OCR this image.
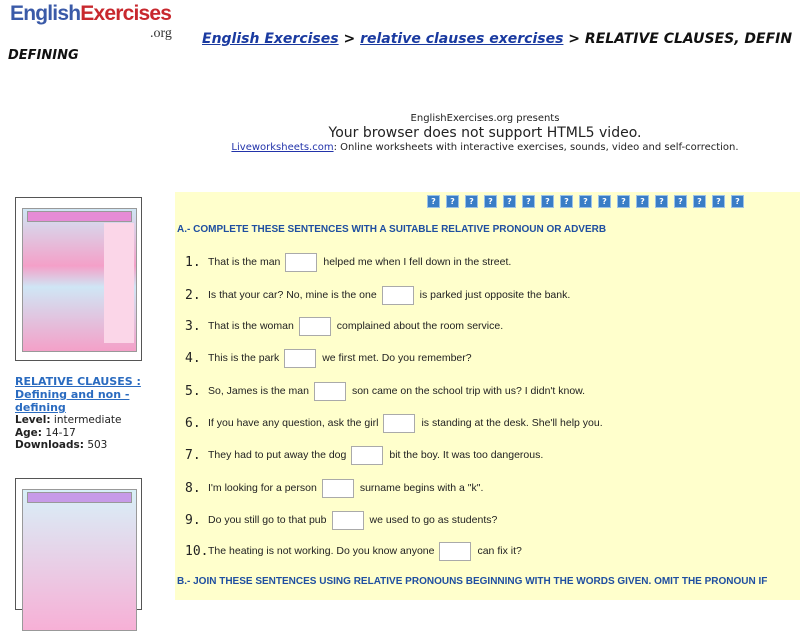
EnglishExercises
.org English Exercises > relative clauses exercises > RELATIVE CLAUSES, DEFIN
DEFINING
EnglishExercises.org presents
Your browser does not support HTML5 video.
Liveworksheets.com: Online worksheets with interactive exercises, sounds, video and self-correction.
RELATIVE CLAUSES : Defining and non - defining
Level: intermediate
Age: 14-17
Downloads: 503
?	?	?	?	?	?	?	?	?	?	?	?	?	?	?	?	?
A.- COMPLETE THESE SENTENCES WITH A SUITABLE RELATIVE PRONOUN OR ADVERB
1. That is the man	helped me when I fell down in the street.
2. Is that your car? No, mine is the one	is parked just opposite the bank.
3. That is the woman	complained about the room service.
4. This is the park	we first met. Do you remember?
5. So, James is the man	son came on the school trip with us? I didn't know.
6. If you have any question, ask the girl	is standing at the desk. She'll help you.
7. They had to put away the dog	bit the boy. It was too dangerous.
8. I'm looking for a person	surname begins with a "k".
9. Do you still go to that pub	we used to go as students?
10. The heating is not working. Do you know anyone	can fix it?
B.- JOIN THESE SENTENCES USING RELATIVE PRONOUNS BEGINNING WITH THE WORDS GIVEN. OMIT THE PRONOUN IF
